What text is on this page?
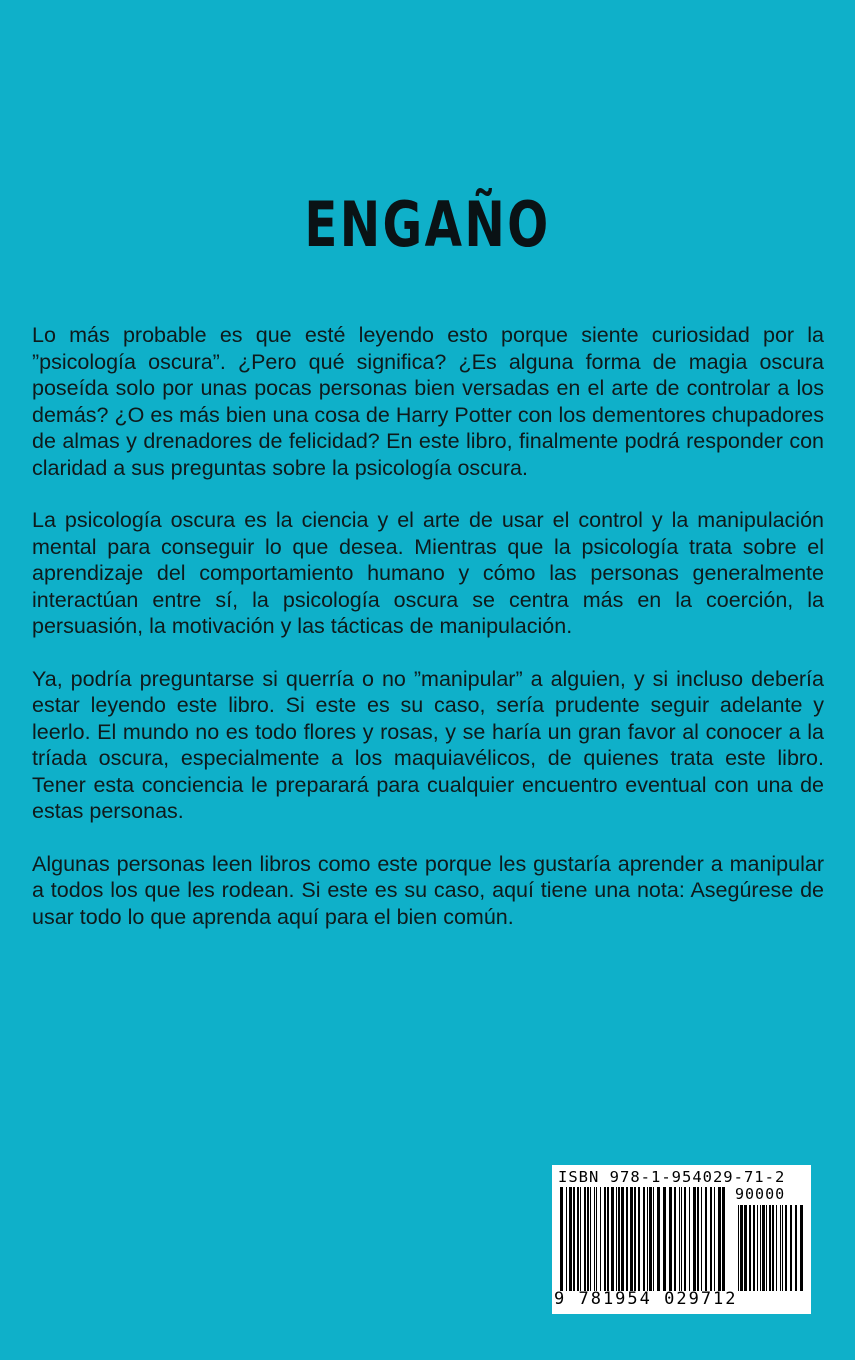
ENGAÑO

Lo más probable es que esté leyendo esto porque siente curiosidad por la ”psicología oscura”. ¿Pero qué significa? ¿Es alguna forma de magia oscura poseída solo por unas pocas personas bien versadas en el arte de controlar a los demás? ¿O es más bien una cosa de Harry Potter con los dementores chupadores de almas y drenadores de felicidad? En este libro, finalmente podrá responder con claridad a sus preguntas sobre la psicología oscura.

La psicología oscura es la ciencia y el arte de usar el control y la manipulación mental para conseguir lo que desea. Mientras que la psicología trata sobre el aprendizaje del comportamiento humano y cómo las personas generalmente interactúan entre sí, la psicología oscura se centra más en la coerción, la persuasión, la motivación y las tácticas de manipulación.

Ya, podría preguntarse si querría o no ”manipular” a alguien, y si incluso debería estar leyendo este libro. Si este es su caso, sería prudente seguir adelante y leerlo. El mundo no es todo flores y rosas, y se haría un gran favor al conocer a la tríada oscura, especialmente a los maquiavélicos, de quienes trata este libro. Tener esta conciencia le preparará para cualquier encuentro eventual con una de estas personas.

Algunas personas leen libros como este porque les gustaría aprender a manipular a todos los que les rodean. Si este es su caso, aquí tiene una nota: Asegúrese de usar todo lo que aprenda aquí para el bien común.

ISBN 978-1-954029-71-2
90000
9 781954 029712
